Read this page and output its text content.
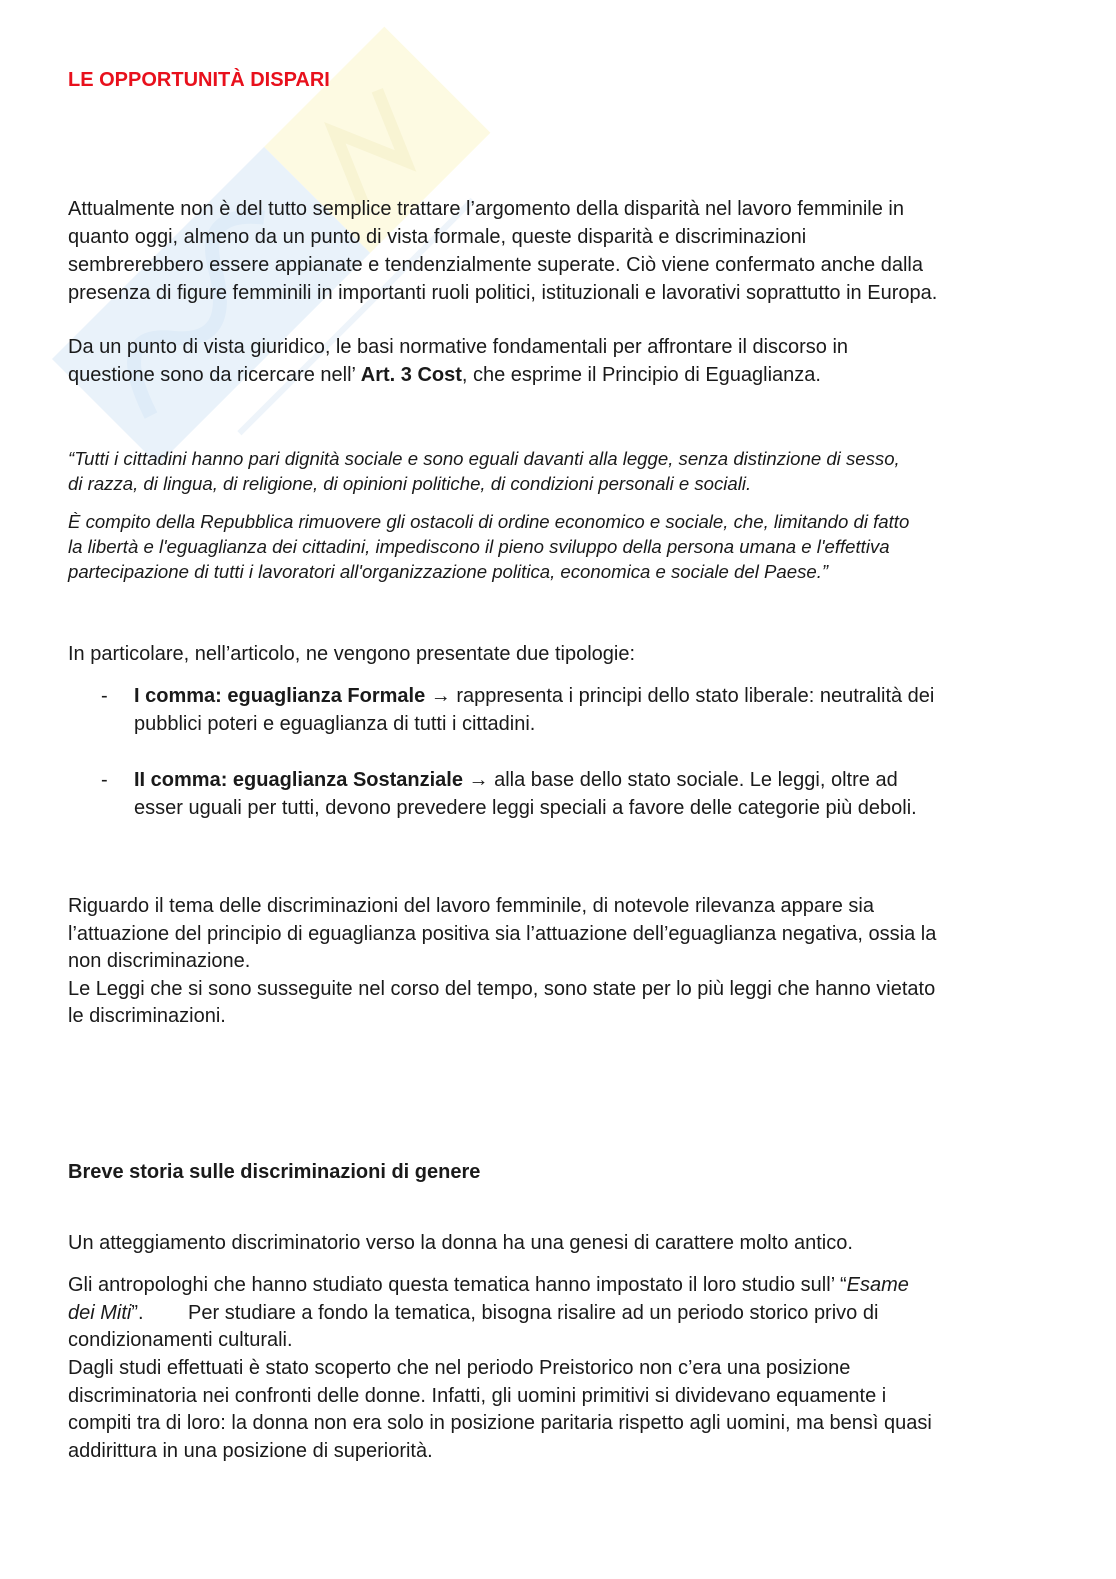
LE OPPORTUNITÀ DISPARI
Attualmente non è del tutto semplice trattare l’argomento della disparità nel lavoro femminile in
quanto oggi, almeno da un punto di vista formale, queste disparità e discriminazioni
sembrerebbero essere appianate e tendenzialmente superate. Ciò viene confermato anche dalla
presenza di figure femminili in importanti ruoli politici, istituzionali e lavorativi soprattutto in Europa.
Da un punto di vista giuridico, le basi normative fondamentali per affrontare il discorso in
questione sono da ricercare nell’ Art. 3 Cost, che esprime il Principio di Eguaglianza.
“Tutti i cittadini hanno pari dignità sociale e sono eguali davanti alla legge, senza distinzione di sesso,
di razza, di lingua, di religione, di opinioni politiche, di condizioni personali e sociali.
È compito della Repubblica rimuovere gli ostacoli di ordine economico e sociale, che, limitando di fatto
la libertà e l'eguaglianza dei cittadini, impediscono il pieno sviluppo della persona umana e l'effettiva
partecipazione di tutti i lavoratori all'organizzazione politica, economica e sociale del Paese.”
In particolare, nell’articolo, ne vengono presentate due tipologie:
I comma: eguaglianza Formale → rappresenta i principi dello stato liberale: neutralità dei
pubblici poteri e eguaglianza di tutti i cittadini.
II comma: eguaglianza Sostanziale → alla base dello stato sociale. Le leggi, oltre ad
esser uguali per tutti, devono prevedere leggi speciali a favore delle categorie più deboli.
Riguardo il tema delle discriminazioni del lavoro femminile, di notevole rilevanza appare sia
l’attuazione del principio di eguaglianza positiva sia l’attuazione dell’eguaglianza negativa, ossia la
non discriminazione.
Le Leggi che si sono susseguite nel corso del tempo, sono state per lo più leggi che hanno vietato
le discriminazioni.
Breve storia sulle discriminazioni di genere
Un atteggiamento discriminatorio verso la donna ha una genesi di carattere molto antico.
Gli antropologhi che hanno studiato questa tematica hanno impostato il loro studio sull’ “Esame
dei Miti”.        Per studiare a fondo la tematica, bisogna risalire ad un periodo storico privo di
condizionamenti culturali.
Dagli studi effettuati è stato scoperto che nel periodo Preistorico non c’era una posizione
discriminatoria nei confronti delle donne. Infatti, gli uomini primitivi si dividevano equamente i
compiti tra di loro: la donna non era solo in posizione paritaria rispetto agli uomini, ma bensì quasi
addirittura in una posizione di superiorità.
-
-
